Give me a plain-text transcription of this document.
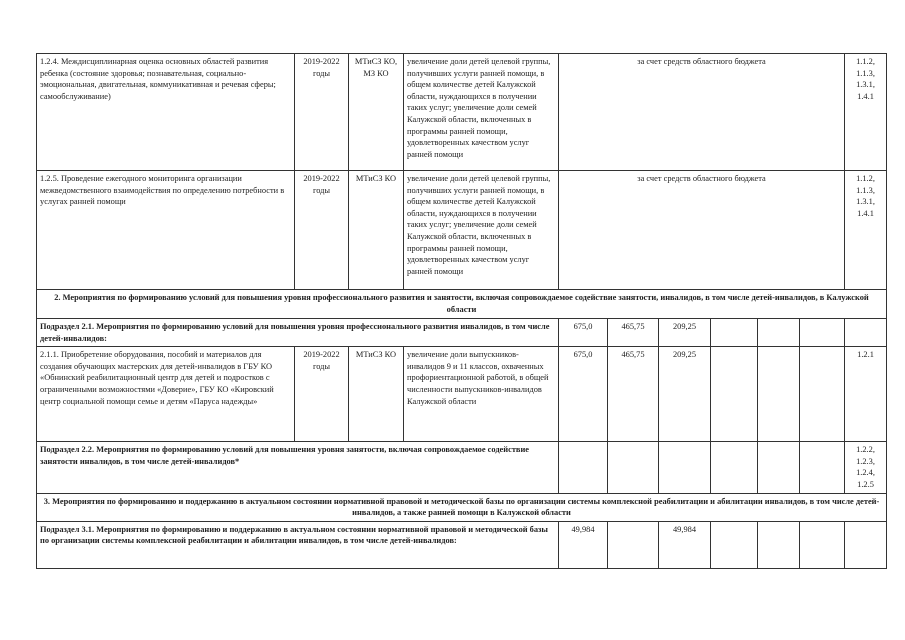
1.2.4. Междисциплинарная оценка основных областей развития ребенка (состояние здоровья; познавательная, социально-эмоциональная, двигательная, коммуникативная и речевая сферы; самообслуживание)	2019-2022 годы	МТиСЗ КО, МЗ КО	увеличение доли детей целевой группы, получивших услуги ранней помощи, в общем количестве детей Калужской области, нуждающихся в получении таких услуг; увеличение доли семей Калужской области, включенных в программы ранней помощи, удовлетворенных качеством услуг ранней помощи	за счет средств областного бюджета						1.1.2, 1.1.3, 1.3.1, 1.4.1
1.2.5. Проведение ежегодного мониторинга организации межведомственного взаимодействия по определению потребности в услугах ранней помощи	2019-2022 годы	МТиСЗ КО	увеличение доли детей целевой группы, получивших услуги ранней помощи, в общем количестве детей Калужской области, нуждающихся в получении таких услуг; увеличение доли семей Калужской области, включенных в программы ранней помощи, удовлетворенных качеством услуг ранней помощи	за счет средств областного бюджета						1.1.2, 1.1.3, 1.3.1, 1.4.1
2. Мероприятия по формированию условий для повышения уровня профессионального развития и занятости, включая сопровождаемое содействие занятости, инвалидов, в том числе детей-инвалидов, в Калужской области										
Подраздел 2.1. Мероприятия по формированию условий для повышения уровня профессионального развития инвалидов, в том числе детей-инвалидов:				675,0	465,75	209,25				
2.1.1. Приобретение оборудования, пособий и материалов для создания обучающих мастерских для детей-инвалидов в ГБУ КО «Обнинский реабилитационный центр для детей и подростков с ограниченными возможностями «Доверие», ГБУ КО «Кировский центр социальной помощи семье и детям «Паруса надежды»	2019-2022 годы	МТиСЗ КО	увеличение доли выпускников-инвалидов 9 и 11 классов, охваченных профориентационной работой, в общей численности выпускников-инвалидов Калужской области	675,0	465,75	209,25				1.2.1
Подраздел 2.2. Мероприятия по формированию условий для повышения уровня занятости, включая сопровождаемое содействие занятости инвалидов, в том числе детей-инвалидов*										1.2.2, 1.2.3, 1.2.4, 1.2.5
3. Мероприятия по формированию и поддержанию в актуальном состоянии нормативной правовой и методической базы по организации системы комплексной реабилитации и абилитации инвалидов, в том числе детей-инвалидов, а также ранней помощи в Калужской области										
Подраздел 3.1. Мероприятия по формированию и поддержанию в актуальном состоянии нормативной правовой и методической базы по организации системы комплексной реабилитации и абилитации инвалидов, в том числе детей-инвалидов:				49,984		49,984				
